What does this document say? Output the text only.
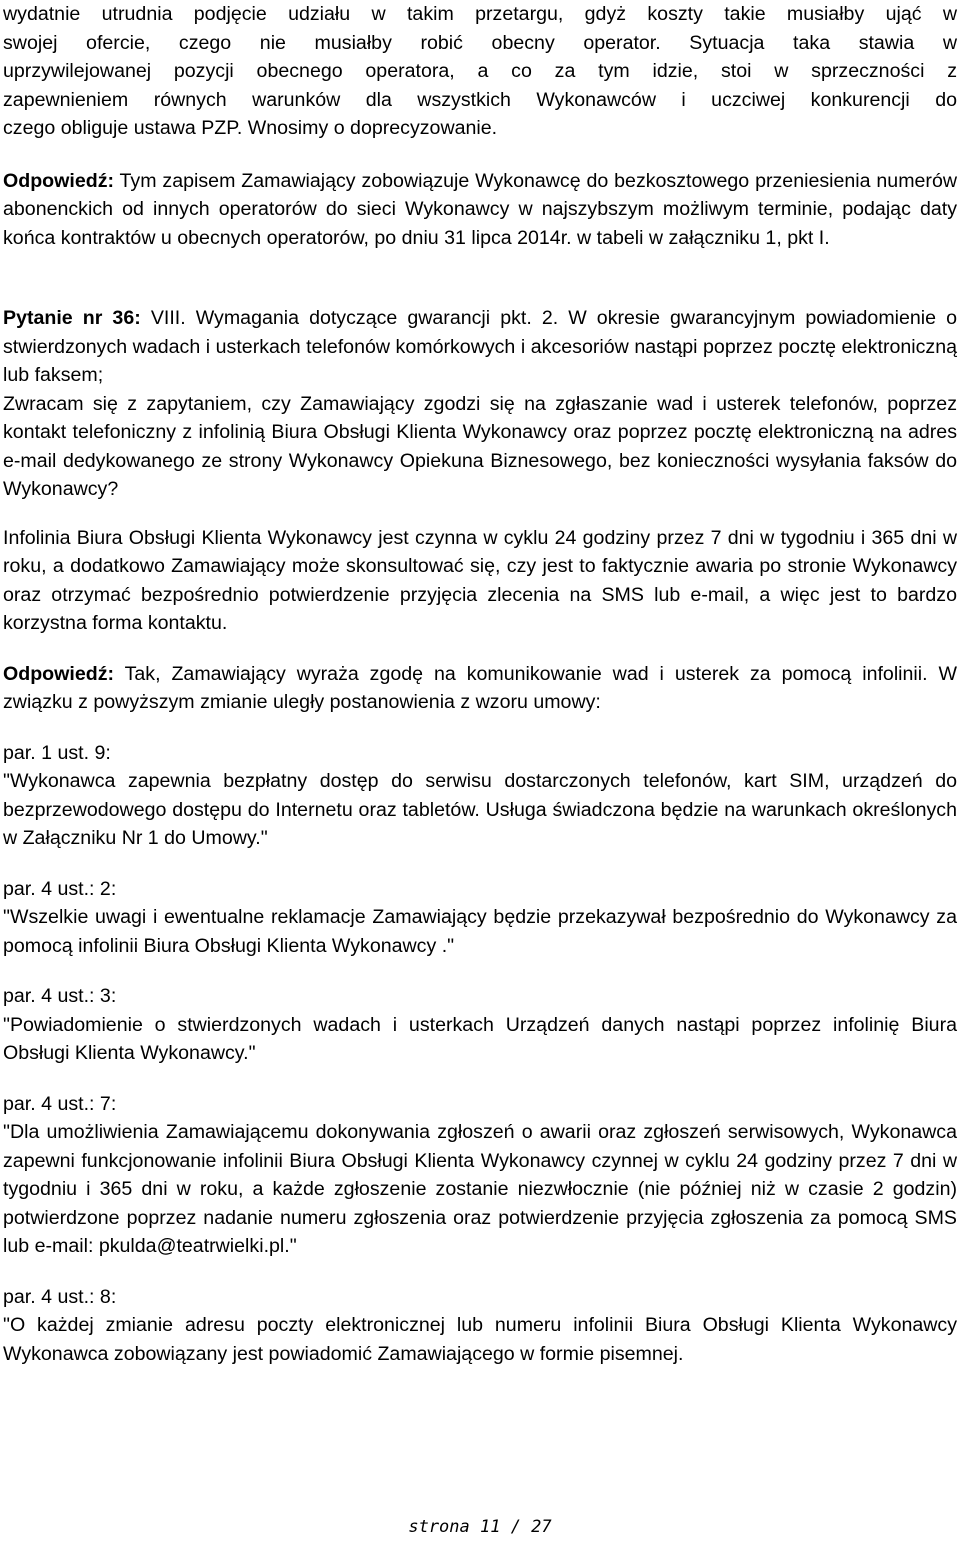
wydatnie utrudnia podjęcie udziału w takim przetargu, gdyż koszty takie musiałby ująć w
swojej ofercie, czego nie musiałby robić obecny operator. Sytuacja taka stawia w
uprzywilejowanej pozycji obecnego operatora, a co za tym idzie, stoi w sprzeczności z
zapewnieniem równych warunków dla wszystkich Wykonawców i uczciwej konkurencji do
czego obliguje ustawa PZP. Wnosimy o doprecyzowanie.

Odpowiedź: Tym zapisem Zamawiający zobowiązuje Wykonawcę do bezkosztowego przeniesienia numerów abonenckich od innych operatorów do sieci Wykonawcy w najszybszym możliwym terminie, podając daty końca kontraktów u obecnych operatorów, po dniu 31 lipca 2014r. w tabeli w załączniku 1, pkt I.

Pytanie nr 36: VIII. Wymagania dotyczące gwarancji pkt. 2. W okresie gwarancyjnym powiadomienie o stwierdzonych wadach i usterkach telefonów komórkowych i akcesoriów nastąpi poprzez pocztę elektroniczną lub faksem;

Zwracam się z zapytaniem, czy Zamawiający zgodzi się na zgłaszanie wad i usterek telefonów, poprzez kontakt telefoniczny z infolinią Biura Obsługi Klienta Wykonawcy oraz poprzez pocztę elektroniczną na adres e-mail dedykowanego ze strony Wykonawcy Opiekuna Biznesowego, bez konieczności wysyłania faksów do Wykonawcy?

Infolinia Biura Obsługi Klienta Wykonawcy jest czynna w cyklu 24 godziny przez 7 dni w tygodniu i 365 dni w roku, a dodatkowo Zamawiający może skonsultować się, czy jest to faktycznie awaria po stronie Wykonawcy oraz otrzymać bezpośrednio potwierdzenie przyjęcia zlecenia na SMS lub e-mail, a więc jest to bardzo korzystna forma kontaktu.

Odpowiedź: Tak, Zamawiający wyraża zgodę na komunikowanie wad i usterek za pomocą infolinii. W związku z powyższym zmianie uległy postanowienia z wzoru umowy:

par. 1 ust. 9:

"Wykonawca zapewnia bezpłatny dostęp do serwisu dostarczonych telefonów, kart SIM, urządzeń do bezprzewodowego dostępu do Internetu oraz tabletów. Usługa świadczona będzie na warunkach określonych w Załączniku Nr 1 do Umowy."

par. 4 ust.: 2:

"Wszelkie uwagi i ewentualne reklamacje Zamawiający będzie przekazywał bezpośrednio do Wykonawcy za pomocą infolinii Biura Obsługi Klienta Wykonawcy ."

par. 4 ust.: 3:

"Powiadomienie o stwierdzonych wadach i usterkach Urządzeń danych nastąpi poprzez infolinię Biura Obsługi Klienta Wykonawcy."

par. 4 ust.: 7:

"Dla umożliwienia Zamawiającemu dokonywania zgłoszeń o awarii oraz zgłoszeń serwisowych, Wykonawca zapewni funkcjonowanie infolinii Biura Obsługi Klienta Wykonawcy czynnej w cyklu 24 godziny przez 7 dni w tygodniu i 365 dni w roku, a każde zgłoszenie zostanie niezwłocznie (nie później niż w czasie 2 godzin) potwierdzone poprzez nadanie numeru zgłoszenia oraz potwierdzenie przyjęcia zgłoszenia za pomocą SMS lub e-mail: pkulda@teatrwielki.pl."

par. 4 ust.: 8:

"O każdej zmianie adresu poczty elektronicznej lub numeru infolinii Biura Obsługi Klienta Wykonawcy Wykonawca zobowiązany jest powiadomić Zamawiającego w formie pisemnej.

strona 11 / 27
